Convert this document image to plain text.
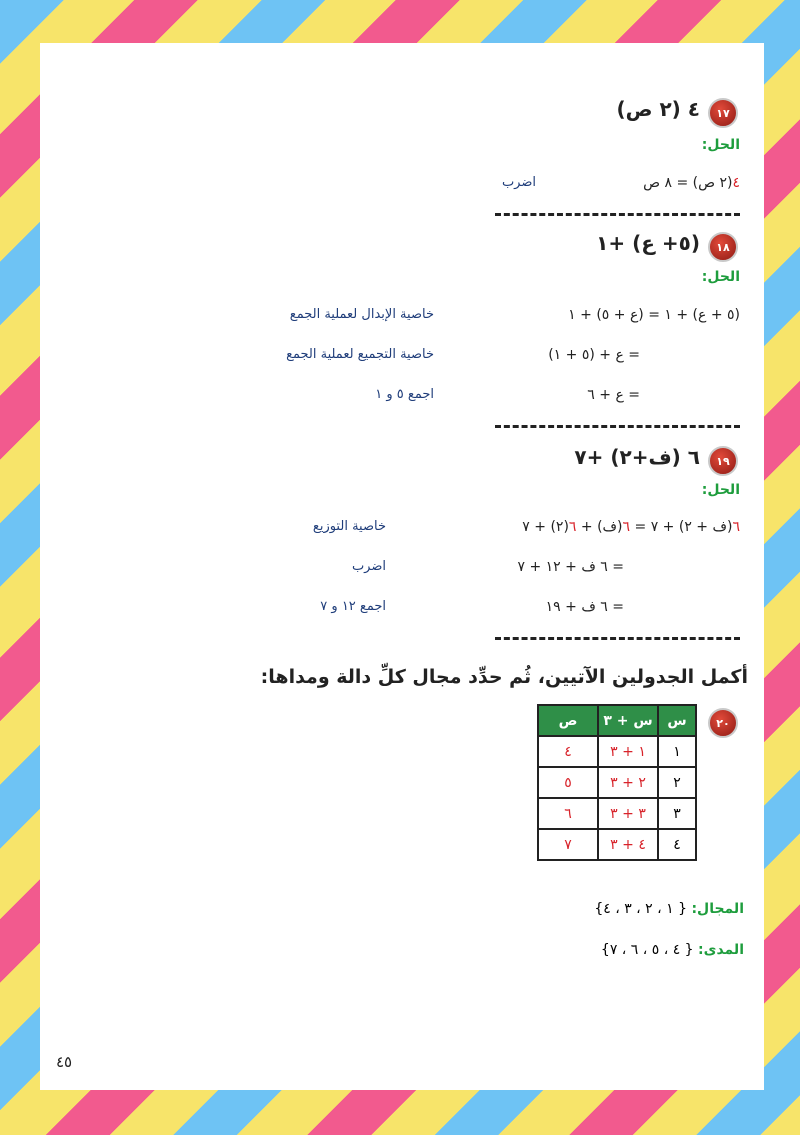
١٧
٤ (٢ ص)
الحل:
٤(٢ ص) = ٨ ص
اضرب
١٨
(٥+ ع) +١
الحل:
(٥ + ع) + ١ = (ع + ٥) + ١
خاصية الإبدال لعملية الجمع
= ع + (٥ + ١)
خاصية التجميع لعملية الجمع
= ع + ٦
اجمع ٥ و ١
١٩
٦ (ف+٢) +٧
الحل:
٦(ف + ٢) + ٧ = ٦(ف) + ٦(٢) + ٧
خاصية التوزيع
= ٦ ف + ١٢ + ٧
اضرب
= ٦ ف + ١٩
اجمع ١٢ و ٧
أكمل الجدولين الآتيين، ثُم حدِّد مجال كلِّ دالة ومداها:
٢٠
س	س + ٣	ص
١	١ + ٣	٤
٢	٢ + ٣	٥
٣	٣ + ٣	٦
٤	٤ + ٣	٧
المجال: { ١ ، ٢ ، ٣ ، ٤}
المدى: { ٤ ، ٥ ، ٦ ، ٧}
٤٥
